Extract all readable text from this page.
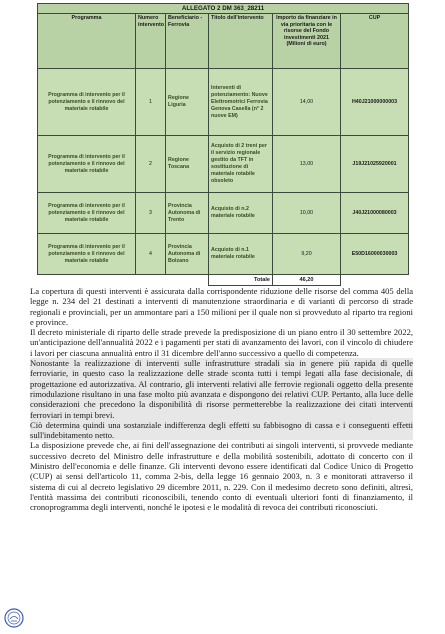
ALLEGATO 2 DM 363_28211					
Programma	Numero intervento	Beneficiario - Ferrovia	Titolo dell'intervento	Importo da finanziare in via prioritaria con le risorse del Fondo investimenti 2021 (Milioni di euro)	CUP
Programma di intervento per il potenziamento e il rinnovo del materiale rotabile	1	Regione Liguria	Interventi di potenziamento: Nuove Elettromotrici Ferrovia Genova Casella (n° 2 nuove EM)	14,00	H40J21000000003
Programma di intervento per il potenziamento e il rinnovo del materiale rotabile	2	Regione Toscana	Acquisto di 2 treni per il servizio regionale gestito da TFT in sostituzione di materiale rotabile obsoleto	13,00	J19J21025920001
Programma di intervento per il potenziamento e il rinnovo del materiale rotabile	3	Provincia Autonoma di Trento	Acquisto di n.2 materiale rotabile	10,00	J40J21000080003
Programma di intervento per il potenziamento e il rinnovo del materiale rotabile	4	Provincia Autonoma di Bolzano	Acquisto di n.1 materiale rotabile	9,20	E50D16000030003
			Totale	46,20	

La copertura di questi interventi è assicurata dalla corrispondente riduzione delle risorse del comma 405 della legge n. 234 del 21 destinati a interventi di manutenzione straordinaria e di varianti di percorso di strade regionali e provinciali, per un ammontare pari a 150 milioni per il quale non si provveduto al riparto tra regioni e province.

Il decreto ministeriale di riparto delle strade prevede la predisposizione di un piano entro il 30 settembre 2022, un'anticipazione dell'annualità 2022 e i pagamenti per stati di avanzamento dei lavori, con il vincolo di chiudere i lavori per ciascuna annualità entro il 31 dicembre dell'anno successivo a quello di competenza.

Nonostante la realizzazione di interventi sulle infrastrutture stradali sia in genere più rapida di quelle ferroviarie, in questo caso la realizzazione delle strade sconta tutti i tempi legati alla fase decisionale, di progettazione ed autorizzativa. Al contrario, gli interventi relativi alle ferrovie regionali oggetto della presente rimodulazione risultano in una fase molto più avanzata e dispongono dei relativi CUP. Pertanto, alla luce delle considerazioni che precedono la disponibilità di risorse permetterebbe la realizzazione dei citati interventi ferroviari in tempi brevi.

Ciò determina quindi una sostanziale indifferenza degli effetti su fabbisogno di cassa e i conseguenti effetti sull'indebitamento netto.

La disposizione prevede che, ai fini dell'assegnazione dei contributi ai singoli interventi, si provvede mediante successivo decreto del Ministro delle infrastrutture e della mobilità sostenibili, adottato di concerto con il Ministro dell'economia e delle finanze. Gli interventi devono essere identificati dal Codice Unico di Progetto (CUP) ai sensi dell'articolo 11, comma 2-bis, della legge 16 gennaio 2003, n. 3 e monitorati attraverso il sistema di cui al decreto legislativo 29 dicembre 2011, n. 229. Con il medesimo decreto sono definiti, altresì, l'entità massima dei contributi riconoscibili, tenendo conto di eventuali ulteriori fonti di finanziamento, il cronoprogramma degli interventi, nonché le ipotesi e le modalità di revoca dei contributi riconosciuti.
